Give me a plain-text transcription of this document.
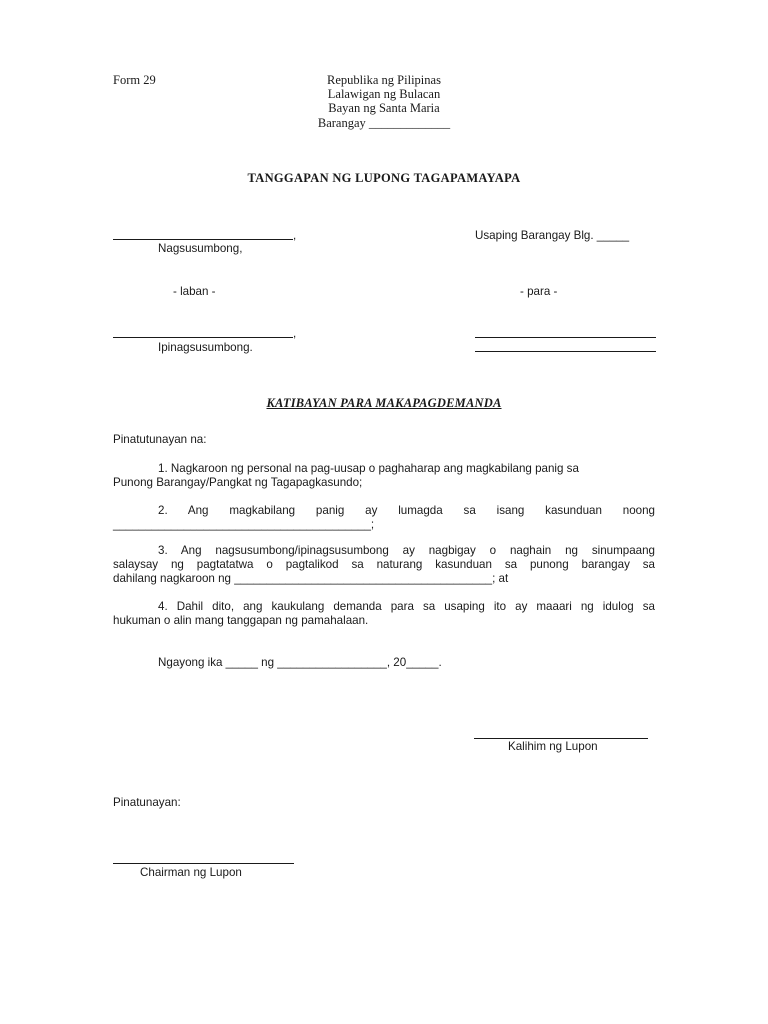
Form 29	Republika ng Pilipinas
Lalawigan ng Bulacan
Bayan ng Santa Maria
Barangay _____________
TANGGAPAN NG LUPONG TAGAPAMAYAPA
,
Nagsusumbong,
Usaping Barangay Blg. _____
- laban -	- para -
,
Ipinagsusumbong.
KATIBAYAN PARA MAKAPAGDEMANDA
Pinatutunayan na:
1. Nagkaroon ng personal na pag-uusap o paghaharap ang magkabilang panig sa
Punong Barangay/Pangkat ng Tagapagkasundo;
2. Ang magkabilang panig ay lumagda sa isang kasunduan noong
________________________________________;
3. Ang nagsusumbong/ipinagsusumbong ay nagbigay o naghain ng sinumpaang
salaysay ng pagtatatwa o pagtalikod sa naturang kasunduan sa punong barangay sa
dahilang nagkaroon ng ________________________________________; at
4. Dahil dito, ang kaukulang demanda para sa usaping ito ay maaari ng idulog sa
hukuman o alin mang tanggapan ng pamahalaan.
Ngayong ika _____ ng _________________, 20_____.
Kalihim ng Lupon
Pinatunayan:
Chairman ng Lupon
